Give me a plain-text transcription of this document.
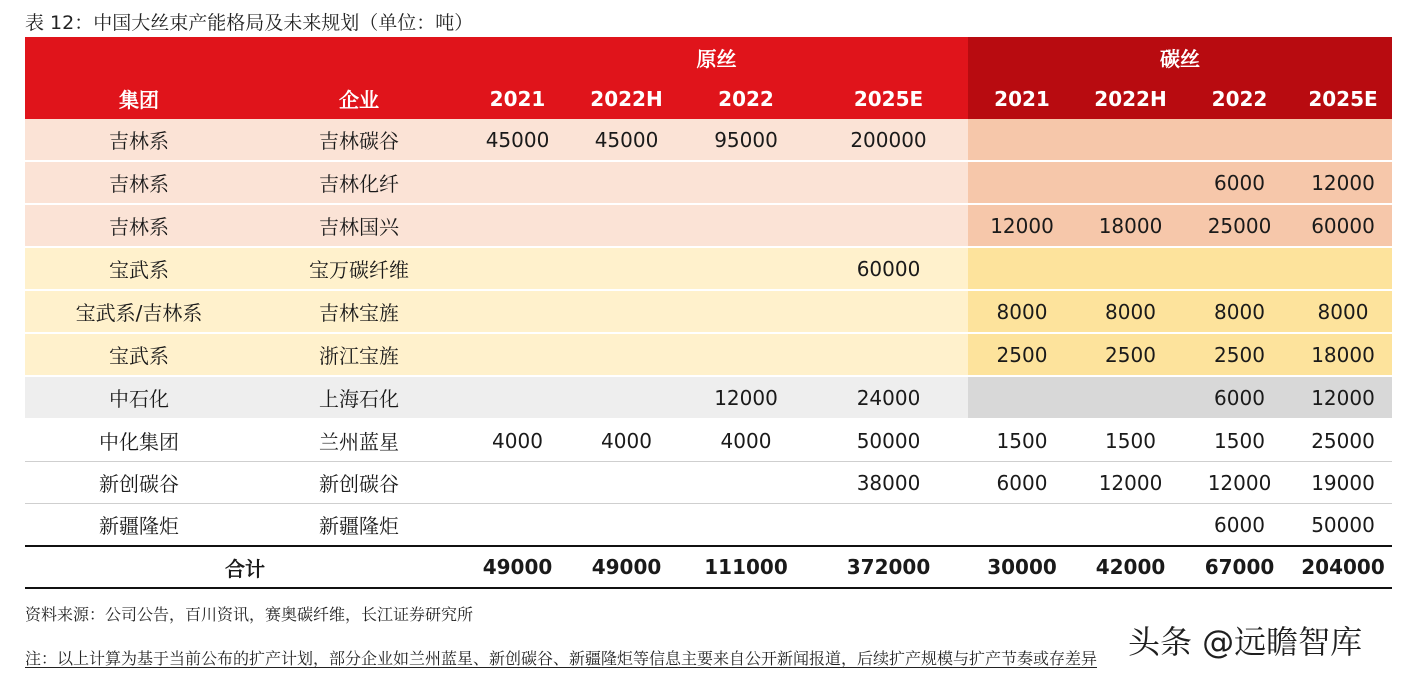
表 12：中国大丝束产能格局及未来规划（单位：吨）
		原丝				碳丝			
集团	企业	2021	2022H	2022	2025E	2021	2022H	2022	2025E
吉林系	吉林碳谷	45000	45000	95000	200000				
吉林系	吉林化纤							6000	12000
吉林系	吉林国兴					12000	18000	25000	60000
宝武系	宝万碳纤维				60000				
宝武系/吉林系	吉林宝旌					8000	8000	8000	8000
宝武系	浙江宝旌					2500	2500	2500	18000
中石化	上海石化			12000	24000			6000	12000
中化集团	兰州蓝星	4000	4000	4000	50000	1500	1500	1500	25000
新创碳谷	新创碳谷				38000	6000	12000	12000	19000
新疆隆炬	新疆隆炬							6000	50000
合计		49000	49000	111000	372000	30000	42000	67000	204000
资料来源：公司公告，百川资讯，赛奥碳纤维，长江证券研究所
注：以上计算为基于当前公布的扩产计划，部分企业如兰州蓝星、新创碳谷、新疆隆炬等信息主要来自公开新闻报道，后续扩产规模与扩产节奏或存差异 头条 @远瞻智库
